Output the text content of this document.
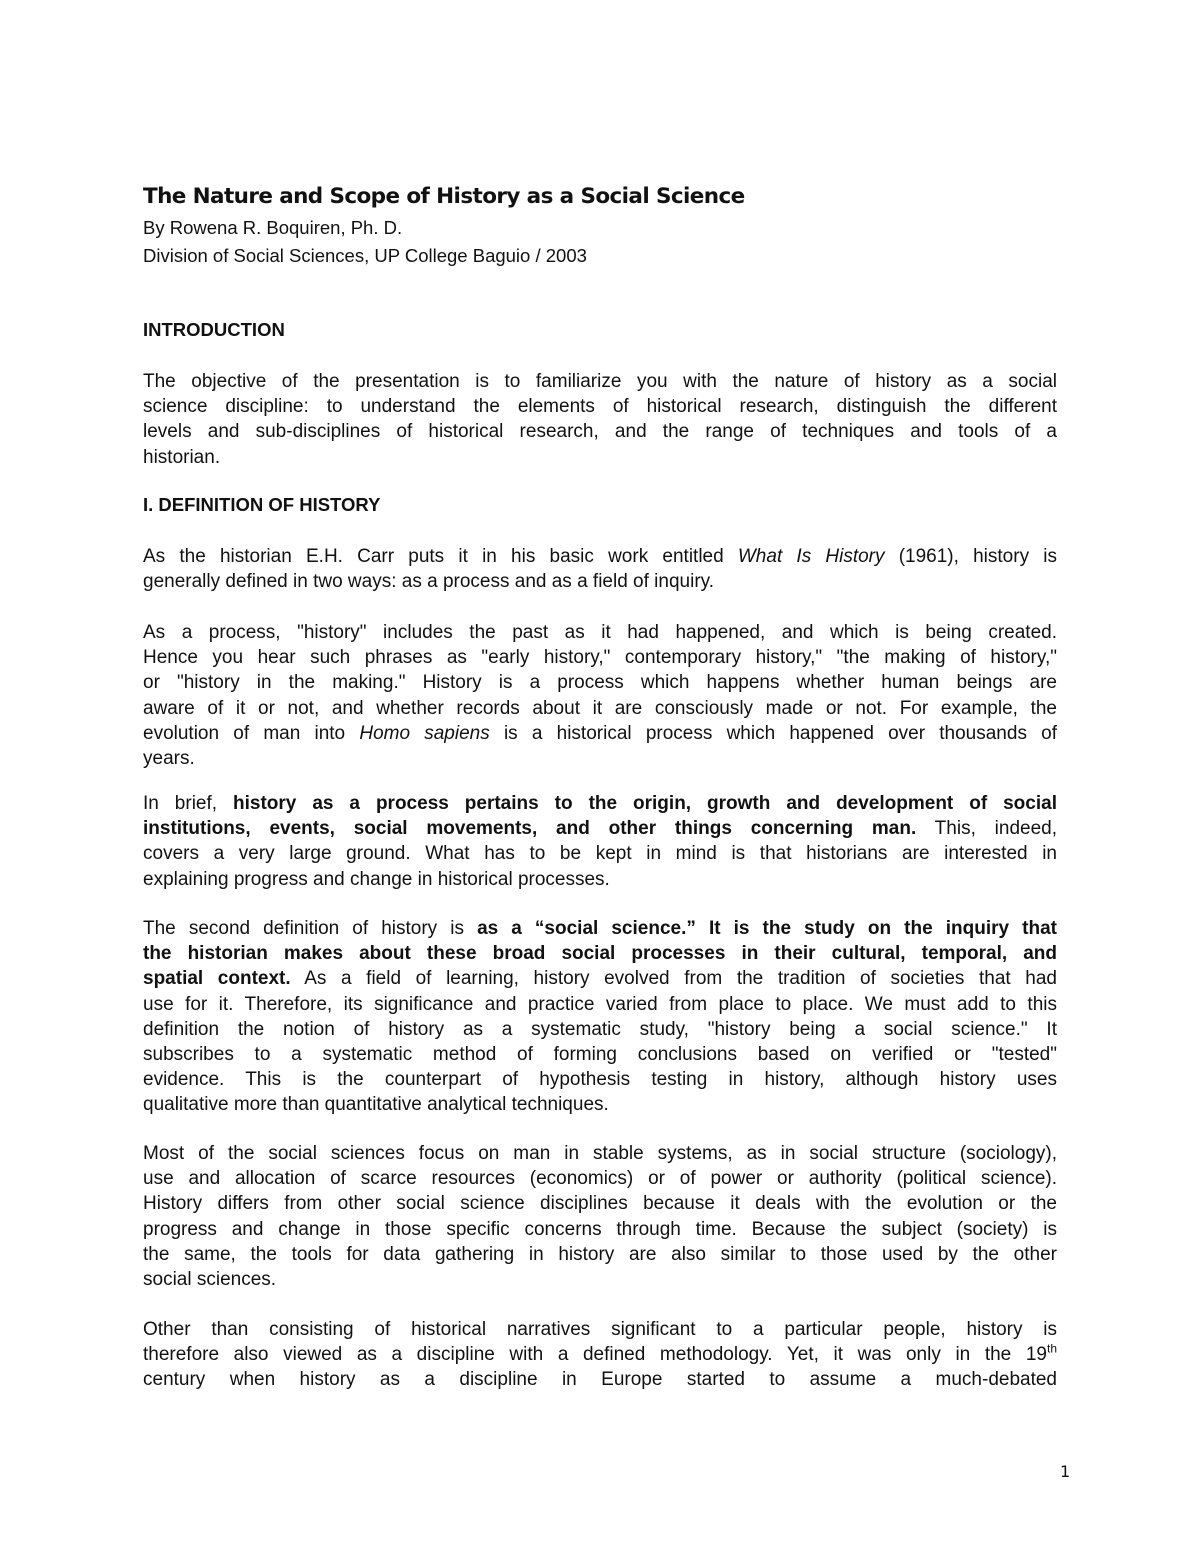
The Nature and Scope of History as a Social Science
By Rowena R. Boquiren, Ph. D.
Division of Social Sciences, UP College Baguio / 2003
INTRODUCTION
The objective of the presentation is to familiarize you with the nature of history as a social
science discipline: to understand the elements of historical research, distinguish the different
levels and sub-disciplines of historical research, and the range of techniques and tools of a
historian.
I. DEFINITION OF HISTORY
As the historian E.H. Carr puts it in his basic work entitled What Is History (1961), history is
generally defined in two ways: as a process and as a field of inquiry.
As a process, "history" includes the past as it had happened, and which is being created.
Hence you hear such phrases as "early history," contemporary history," "the making of history,"
or "history in the making." History is a process which happens whether human beings are
aware of it or not, and whether records about it are consciously made or not. For example, the
evolution of man into Homo sapiens is a historical process which happened over thousands of
years.
In brief, history as a process pertains to the origin, growth and development of social
institutions, events, social movements, and other things concerning man. This, indeed,
covers a very large ground. What has to be kept in mind is that historians are interested in
explaining progress and change in historical processes.
The second definition of history is as a “social science.” It is the study on the inquiry that
the historian makes about these broad social processes in their cultural, temporal, and
spatial context. As a field of learning, history evolved from the tradition of societies that had
use for it. Therefore, its significance and practice varied from place to place. We must add to this
definition the notion of history as a systematic study, "history being a social science." It
subscribes to a systematic method of forming conclusions based on verified or "tested"
evidence. This is the counterpart of hypothesis testing in history, although history uses
qualitative more than quantitative analytical techniques.
Most of the social sciences focus on man in stable systems, as in social structure (sociology),
use and allocation of scarce resources (economics) or of power or authority (political science).
History differs from other social science disciplines because it deals with the evolution or the
progress and change in those specific concerns through time. Because the subject (society) is
the same, the tools for data gathering in history are also similar to those used by the other
social sciences.
Other than consisting of historical narratives significant to a particular people, history is
therefore also viewed as a discipline with a defined methodology. Yet, it was only in the 19th
century when history as a discipline in Europe started to assume a much-debated
1
